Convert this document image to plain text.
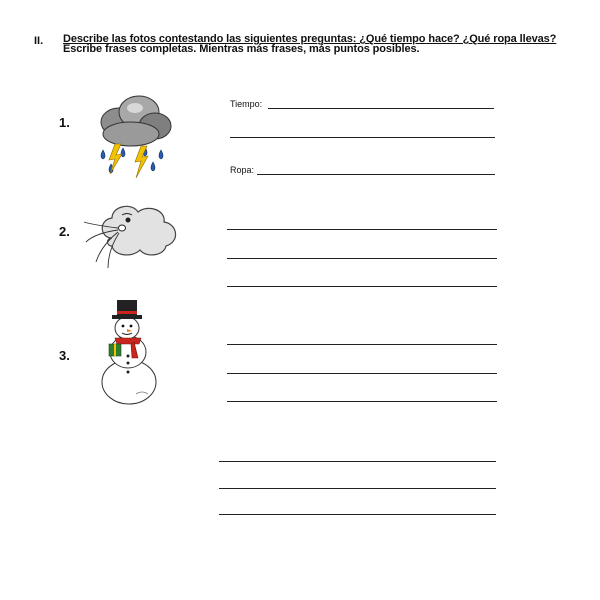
II. Describe las fotos contestando las siguientes preguntas: ¿Qué tiempo hace? ¿Qué ropa llevas?
Escribe frases completas. Mientras más frases, más puntos posibles.
1.
Tiempo:
Ropa:
2.
3.
